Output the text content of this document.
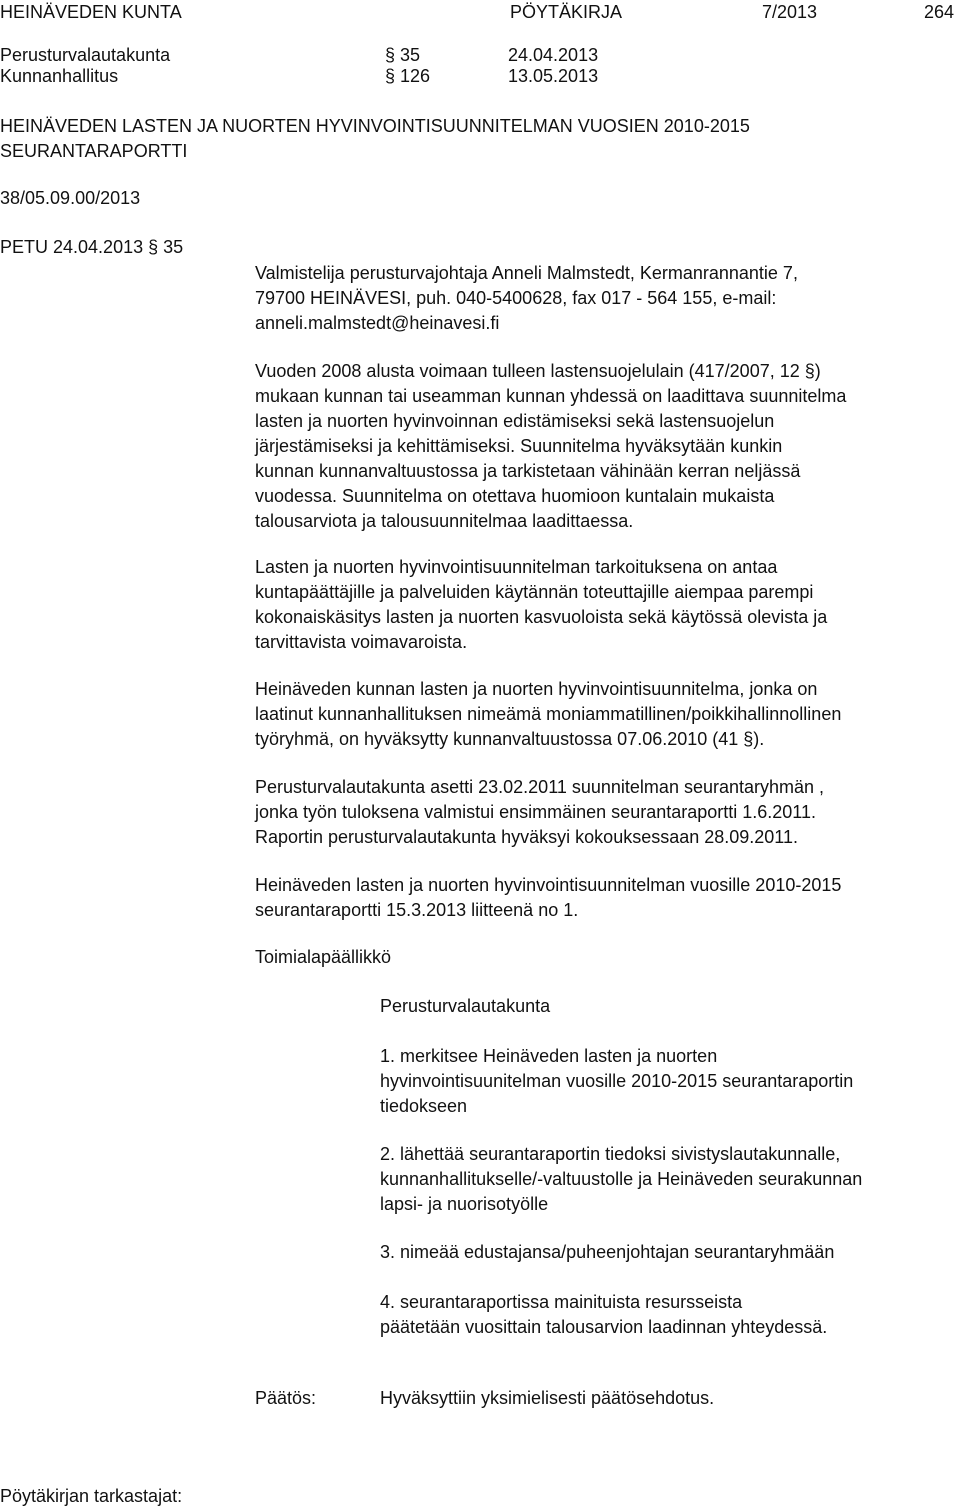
HEINÄVEDEN KUNTA	PÖYTÄKIRJA	7/2013	264
Perusturvalautakunta	§ 35	24.04.2013
Kunnanhallitus	§ 126	13.05.2013
HEINÄVEDEN LASTEN JA NUORTEN HYVINVOINTISUUNNITELMAN VUOSIEN 2010-2015
SEURANTARAPORTTI
38/05.09.00/2013
PETU 24.04.2013 § 35
Valmistelija perusturvajohtaja Anneli Malmstedt, Kermanrannantie 7,
79700 HEINÄVESI, puh. 040-5400628, fax 017 - 564 155, e-mail:
anneli.malmstedt@heinavesi.fi
Vuoden 2008 alusta voimaan tulleen lastensuojelulain (417/2007, 12 §)
mukaan kunnan tai useamman kunnan yhdessä on laadittava suunnitelma
lasten ja nuorten hyvinvoinnan edistämiseksi sekä lastensuojelun
järjestämiseksi ja kehittämiseksi. Suunnitelma hyväksytään kunkin
kunnan kunnanvaltuustossa ja tarkistetaan vähinään kerran neljässä
vuodessa. Suunnitelma on otettava huomioon kuntalain mukaista
talousarviota ja talousuunnitelmaa laadittaessa.
Lasten ja nuorten hyvinvointisuunnitelman tarkoituksena on antaa
kuntapäättäjille ja palveluiden käytännän toteuttajille aiempaa parempi
kokonaiskäsitys lasten ja nuorten kasvuoloista sekä käytössä olevista ja
tarvittavista voimavaroista.
Heinäveden kunnan lasten ja nuorten hyvinvointisuunnitelma, jonka on
laatinut kunnanhallituksen nimeämä moniammatillinen/poikkihallinnollinen
työryhmä, on hyväksytty kunnanvaltuustossa 07.06.2010 (41 §).
Perusturvalautakunta asetti 23.02.2011 suunnitelman seurantaryhmän ,
jonka työn tuloksena valmistui ensimmäinen seurantaraportti 1.6.2011.
Raportin perusturvalautakunta hyväksyi kokouksessaan 28.09.2011.
Heinäveden lasten ja nuorten hyvinvointisuunnitelman vuosille 2010-2015
seurantaraportti 15.3.2013 liitteenä no 1.
Toimialapäällikkö
Perusturvalautakunta
1. merkitsee Heinäveden lasten ja nuorten
hyvinvointisuunitelman vuosille 2010-2015 seurantaraportin
tiedokseen
2. lähettää seurantaraportin tiedoksi sivistyslautakunnalle,
kunnanhallitukselle/-valtuustolle ja Heinäveden seurakunnan
lapsi- ja nuorisotyölle
3. nimeää edustajansa/puheenjohtajan seurantaryhmään
4. seurantaraportissa mainituista resursseista
päätetään vuosittain talousarvion laadinnan yhteydessä.
Päätös:	Hyväksyttiin yksimielisesti päätösehdotus.
Pöytäkirjan tarkastajat:
